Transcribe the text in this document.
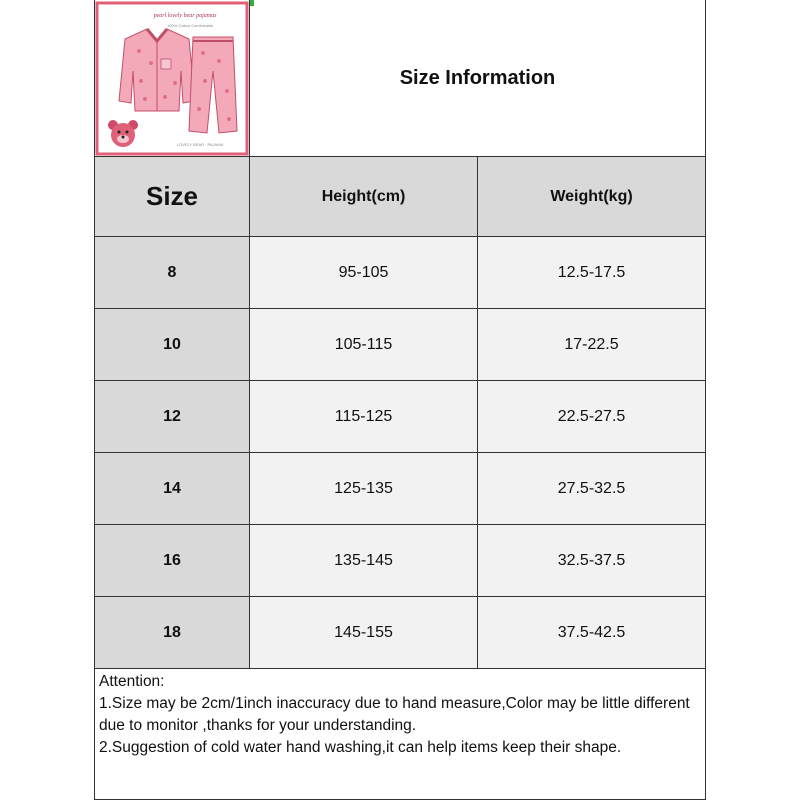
pearl lovely bear pajamas
100% Cotton Comfortable
LOVELY BEAR · PAJAMA
Size Information
Size	Height(cm)	Weight(kg)
8	95-105	12.5-17.5
10	105-115	17-22.5
12	115-125	22.5-27.5
14	125-135	27.5-32.5
16	135-145	32.5-37.5
18	145-155	37.5-42.5

Attention:

1.Size may be 2cm/1inch inaccuracy due to hand measure,Color may be little different due to monitor ,thanks for your understanding.

2.Suggestion of cold water hand washing,it can help items keep their shape.
